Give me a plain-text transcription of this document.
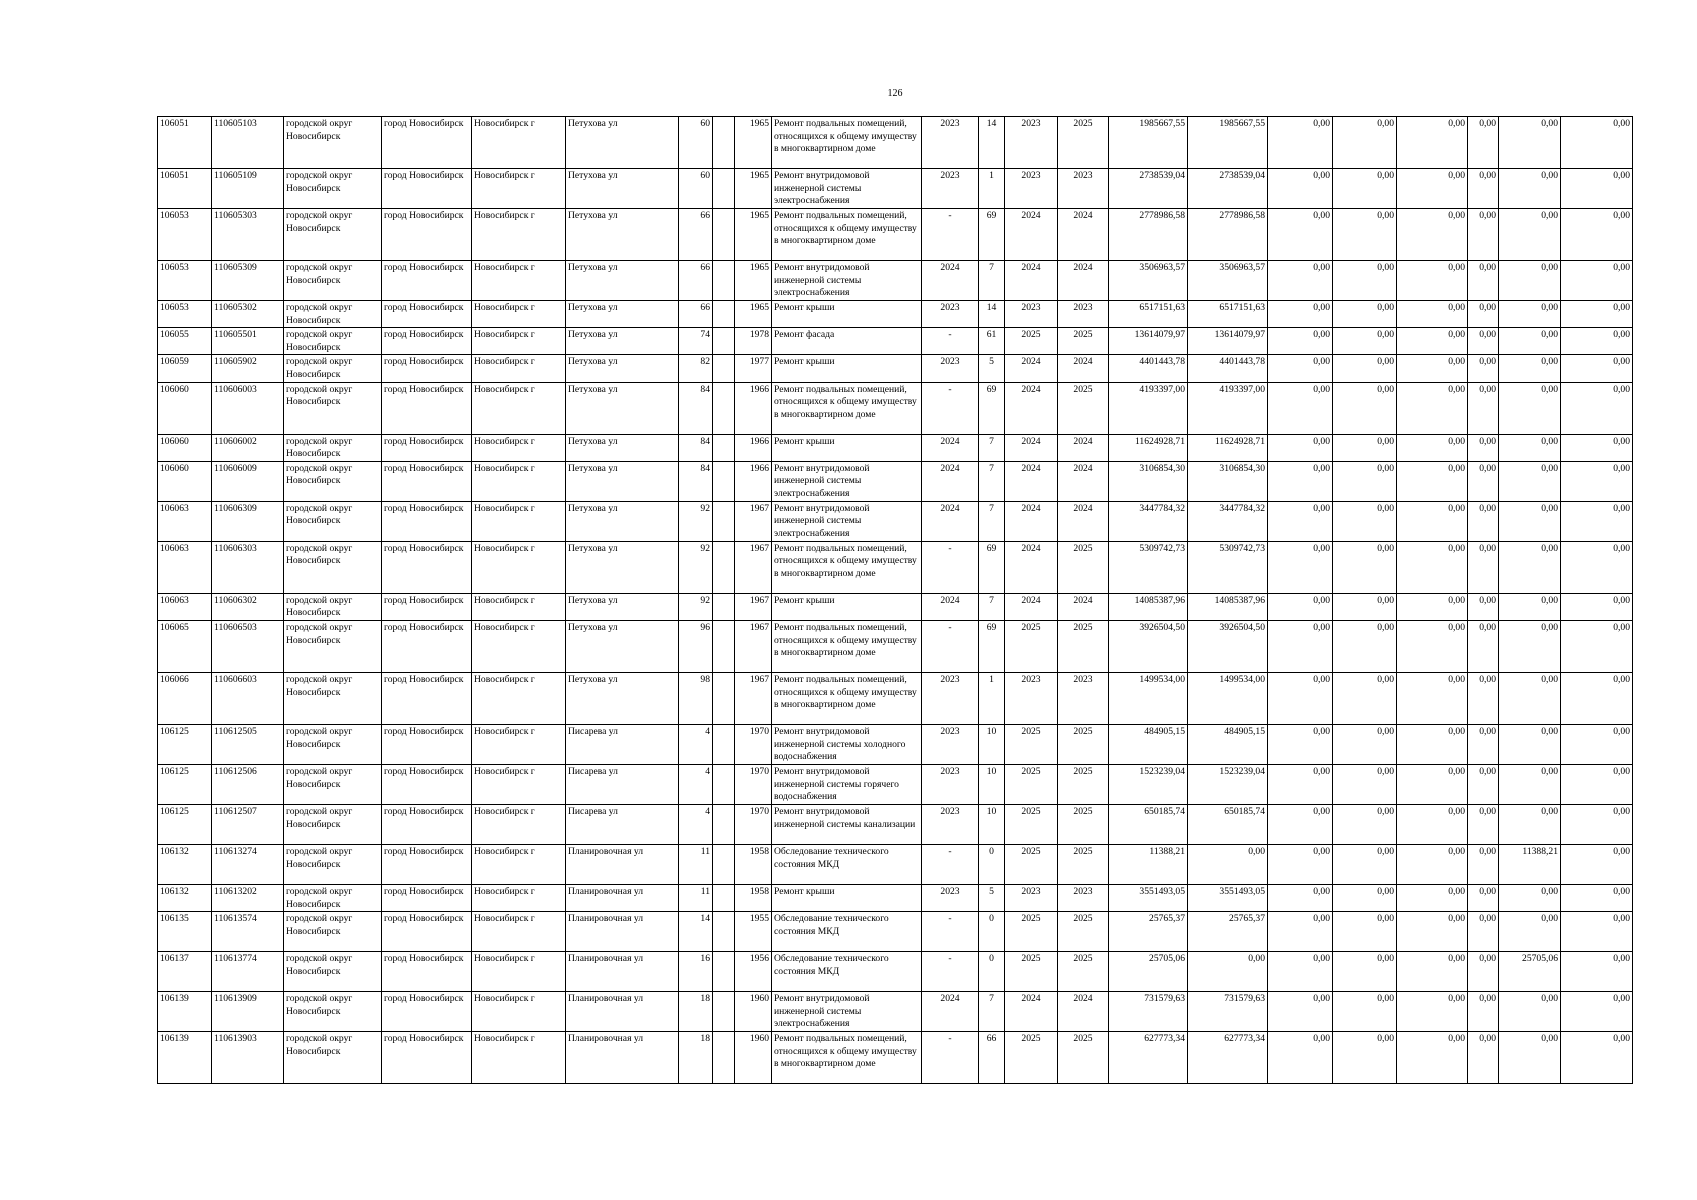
126
106051	110605103	городской округ Новосибирск	город Новосибирск	Новосибирск г	Петухова ул	60		1965	Ремонт подвальных помещений, относящихся к общему имуществу в многоквартирном доме	2023	14	2023	2025	1985667,55	1985667,55	0,00	0,00	0,00	0,00	0,00	0,00
106051	110605109	городской округ Новосибирск	город Новосибирск	Новосибирск г	Петухова ул	60		1965	Ремонт внутридомовой инженерной системы электроснабжения	2023	1	2023	2023	2738539,04	2738539,04	0,00	0,00	0,00	0,00	0,00	0,00
106053	110605303	городской округ Новосибирск	город Новосибирск	Новосибирск г	Петухова ул	66		1965	Ремонт подвальных помещений, относящихся к общему имуществу в многоквартирном доме	-	69	2024	2024	2778986,58	2778986,58	0,00	0,00	0,00	0,00	0,00	0,00
106053	110605309	городской округ Новосибирск	город Новосибирск	Новосибирск г	Петухова ул	66		1965	Ремонт внутридомовой инженерной системы электроснабжения	2024	7	2024	2024	3506963,57	3506963,57	0,00	0,00	0,00	0,00	0,00	0,00
106053	110605302	городской округ Новосибирск	город Новосибирск	Новосибирск г	Петухова ул	66		1965	Ремонт крыши	2023	14	2023	2023	6517151,63	6517151,63	0,00	0,00	0,00	0,00	0,00	0,00
106055	110605501	городской округ Новосибирск	город Новосибирск	Новосибирск г	Петухова ул	74		1978	Ремонт фасада	-	61	2025	2025	13614079,97	13614079,97	0,00	0,00	0,00	0,00	0,00	0,00
106059	110605902	городской округ Новосибирск	город Новосибирск	Новосибирск г	Петухова ул	82		1977	Ремонт крыши	2023	5	2024	2024	4401443,78	4401443,78	0,00	0,00	0,00	0,00	0,00	0,00
106060	110606003	городской округ Новосибирск	город Новосибирск	Новосибирск г	Петухова ул	84		1966	Ремонт подвальных помещений, относящихся к общему имуществу в многоквартирном доме	-	69	2024	2025	4193397,00	4193397,00	0,00	0,00	0,00	0,00	0,00	0,00
106060	110606002	городской округ Новосибирск	город Новосибирск	Новосибирск г	Петухова ул	84		1966	Ремонт крыши	2024	7	2024	2024	11624928,71	11624928,71	0,00	0,00	0,00	0,00	0,00	0,00
106060	110606009	городской округ Новосибирск	город Новосибирск	Новосибирск г	Петухова ул	84		1966	Ремонт внутридомовой инженерной системы электроснабжения	2024	7	2024	2024	3106854,30	3106854,30	0,00	0,00	0,00	0,00	0,00	0,00
106063	110606309	городской округ Новосибирск	город Новосибирск	Новосибирск г	Петухова ул	92		1967	Ремонт внутридомовой инженерной системы электроснабжения	2024	7	2024	2024	3447784,32	3447784,32	0,00	0,00	0,00	0,00	0,00	0,00
106063	110606303	городской округ Новосибирск	город Новосибирск	Новосибирск г	Петухова ул	92		1967	Ремонт подвальных помещений, относящихся к общему имуществу в многоквартирном доме	-	69	2024	2025	5309742,73	5309742,73	0,00	0,00	0,00	0,00	0,00	0,00
106063	110606302	городской округ Новосибирск	город Новосибирск	Новосибирск г	Петухова ул	92		1967	Ремонт крыши	2024	7	2024	2024	14085387,96	14085387,96	0,00	0,00	0,00	0,00	0,00	0,00
106065	110606503	городской округ Новосибирск	город Новосибирск	Новосибирск г	Петухова ул	96		1967	Ремонт подвальных помещений, относящихся к общему имуществу в многоквартирном доме	-	69	2025	2025	3926504,50	3926504,50	0,00	0,00	0,00	0,00	0,00	0,00
106066	110606603	городской округ Новосибирск	город Новосибирск	Новосибирск г	Петухова ул	98		1967	Ремонт подвальных помещений, относящихся к общему имуществу в многоквартирном доме	2023	1	2023	2023	1499534,00	1499534,00	0,00	0,00	0,00	0,00	0,00	0,00
106125	110612505	городской округ Новосибирск	город Новосибирск	Новосибирск г	Писарева ул	4		1970	Ремонт внутридомовой инженерной системы холодного водоснабжения	2023	10	2025	2025	484905,15	484905,15	0,00	0,00	0,00	0,00	0,00	0,00
106125	110612506	городской округ Новосибирск	город Новосибирск	Новосибирск г	Писарева ул	4		1970	Ремонт внутридомовой инженерной системы горячего водоснабжения	2023	10	2025	2025	1523239,04	1523239,04	0,00	0,00	0,00	0,00	0,00	0,00
106125	110612507	городской округ Новосибирск	город Новосибирск	Новосибирск г	Писарева ул	4		1970	Ремонт внутридомовой инженерной системы канализации	2023	10	2025	2025	650185,74	650185,74	0,00	0,00	0,00	0,00	0,00	0,00
106132	110613274	городской округ Новосибирск	город Новосибирск	Новосибирск г	Планировочная ул	11		1958	Обследование технического состояния МКД	-	0	2025	2025	11388,21	0,00	0,00	0,00	0,00	0,00	11388,21	0,00
106132	110613202	городской округ Новосибирск	город Новосибирск	Новосибирск г	Планировочная ул	11		1958	Ремонт крыши	2023	5	2023	2023	3551493,05	3551493,05	0,00	0,00	0,00	0,00	0,00	0,00
106135	110613574	городской округ Новосибирск	город Новосибирск	Новосибирск г	Планировочная ул	14		1955	Обследование технического состояния МКД	-	0	2025	2025	25765,37	25765,37	0,00	0,00	0,00	0,00	0,00	0,00
106137	110613774	городской округ Новосибирск	город Новосибирск	Новосибирск г	Планировочная ул	16		1956	Обследование технического состояния МКД	-	0	2025	2025	25705,06	0,00	0,00	0,00	0,00	0,00	25705,06	0,00
106139	110613909	городской округ Новосибирск	город Новосибирск	Новосибирск г	Планировочная ул	18		1960	Ремонт внутридомовой инженерной системы электроснабжения	2024	7	2024	2024	731579,63	731579,63	0,00	0,00	0,00	0,00	0,00	0,00
106139	110613903	городской округ Новосибирск	город Новосибирск	Новосибирск г	Планировочная ул	18		1960	Ремонт подвальных помещений, относящихся к общему имуществу в многоквартирном доме	-	66	2025	2025	627773,34	627773,34	0,00	0,00	0,00	0,00	0,00	0,00
